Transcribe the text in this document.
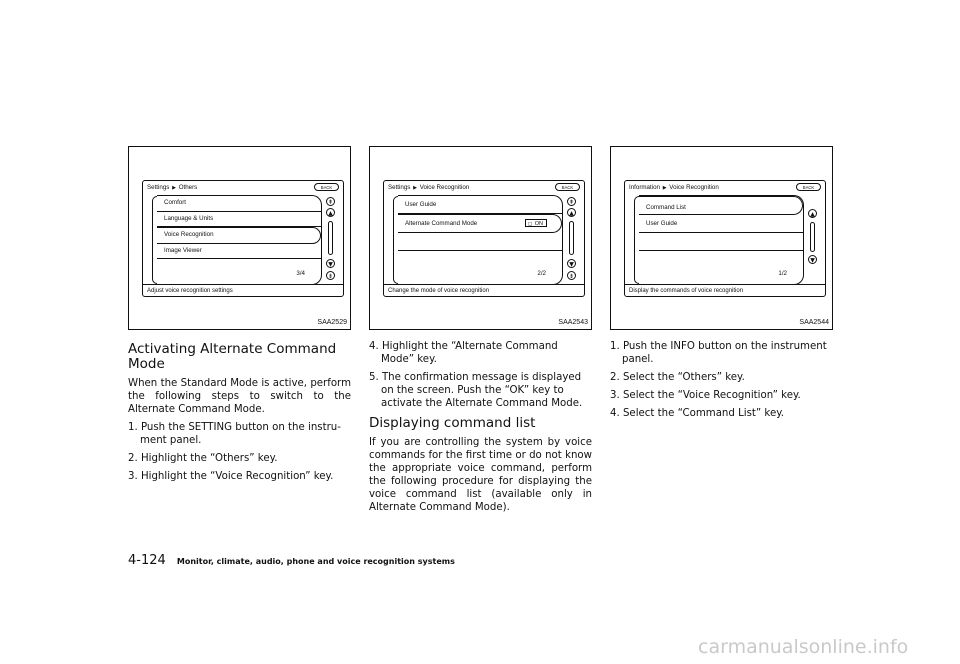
Settings ▶ Others	BACK
Comfort
Language & Units
Voice Recognition
Image Viewer
⇞
▲
▼
⇟
3/4
Adjust voice recognition settings
SAA2529
Activating Alternate Command Mode

When the Standard Mode is active, perform the following steps to switch to the Alternate Command Mode.

1. Push the SETTING button on the instru- ment panel.
2. Highlight the “Others” key.
3. Highlight the “Voice Recognition” key.
Settings ▶ Voice Recognition	BACK
User Guide
Alternate Command Mode
◻	ON
⇞
▲
▼
⇟
2/2
Change the mode of voice recognition
SAA2543
4. Highlight the “Alternate Command Mode” key.
5. The confirmation message is displayed on the screen. Push the “OK” key to activate the Alternate Command Mode.
Displaying command list

If you are controlling the system by voice commands for the first time or do not know the appropriate voice command, perform the following procedure for displaying the voice command list (available only in Alternate Command Mode).

Information ▶ Voice Recognition	BACK
Command List
User Guide
▲
▼
1/2
Display the commands of voice recognition
SAA2544
1. Push the INFO button on the instrument panel.
2. Select the “Others” key.
3. Select the “Voice Recognition” key.
4. Select the “Command List” key.
4-124 Monitor, climate, audio, phone and voice recognition systems
carmanualsonline.info
